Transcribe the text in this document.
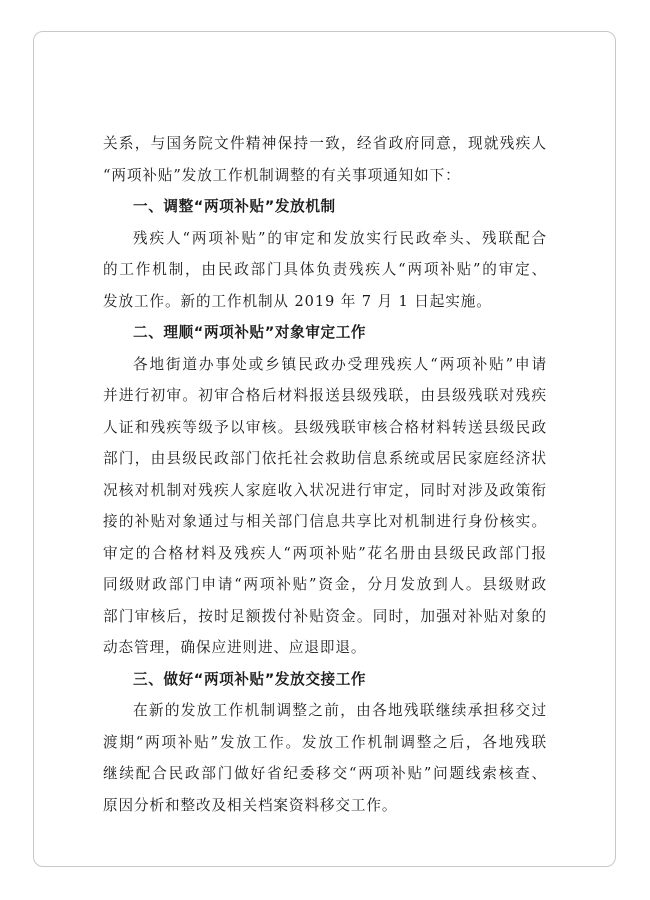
关系，与国务院文件精神保持一致，经省政府同意，现就残疾人
“两项补贴”发放工作机制调整的有关事项通知如下：
一、调整“两项补贴”发放机制
残疾人“两项补贴”的审定和发放实行民政牵头、残联配合
的工作机制，由民政部门具体负责残疾人“两项补贴”的审定、
发放工作。新的工作机制从 2019 年 7 月 1 日起实施。
二、理顺“两项补贴”对象审定工作
各地街道办事处或乡镇民政办受理残疾人“两项补贴”申请
并进行初审。初审合格后材料报送县级残联，由县级残联对残疾
人证和残疾等级予以审核。县级残联审核合格材料转送县级民政
部门，由县级民政部门依托社会救助信息系统或居民家庭经济状
况核对机制对残疾人家庭收入状况进行审定，同时对涉及政策衔
接的补贴对象通过与相关部门信息共享比对机制进行身份核实。
审定的合格材料及残疾人“两项补贴”花名册由县级民政部门报
同级财政部门申请“两项补贴”资金，分月发放到人。县级财政
部门审核后，按时足额拨付补贴资金。同时，加强对补贴对象的
动态管理，确保应进则进、应退即退。
三、做好“两项补贴”发放交接工作
在新的发放工作机制调整之前，由各地残联继续承担移交过
渡期“两项补贴”发放工作。发放工作机制调整之后，各地残联
继续配合民政部门做好省纪委移交“两项补贴”问题线索核查、
原因分析和整改及相关档案资料移交工作。
